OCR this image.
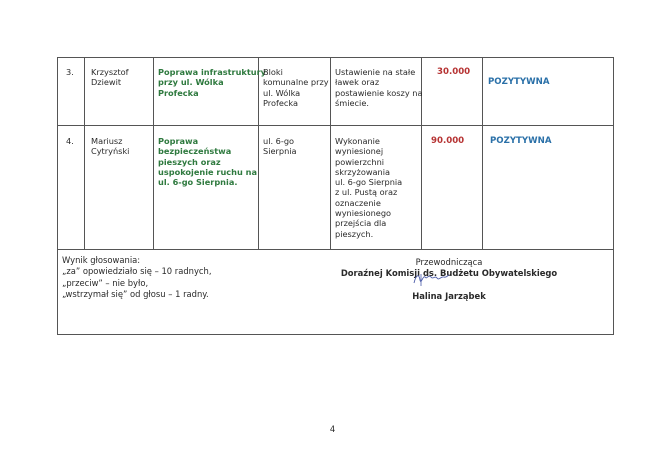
3. Krzysztof
Dziewit
Poprawa infrastruktury
przy ul. Wólka
Profecka
Bloki
komunalne przy
ul. Wólka
Profecka
Ustawienie na stałe
ławek oraz
postawienie koszy na
śmiecie.
30.000
POZYTYWNA
4. Mariusz
Cytryński
Poprawa
bezpieczeństwa
pieszych oraz
uspokojenie ruchu na
ul. 6-go Sierpnia.
ul. 6-go
Sierpnia
Wykonanie
wyniesionej
powierzchni
skrzyżowania
ul. 6-go Sierpnia
z ul. Pustą oraz
oznaczenie
wyniesionego
przejścia dla
pieszych.
90.000	POZYTYWNA
Wynik głosowania:
„za” opowiedziało się – 10 radnych,
„przeciw” – nie było,
„wstrzymał się” od głosu – 1 radny.
Przewodnicząca
Doraźnej Komisji ds. Budżetu Obywatelskiego
Halina Jarząbek
4
